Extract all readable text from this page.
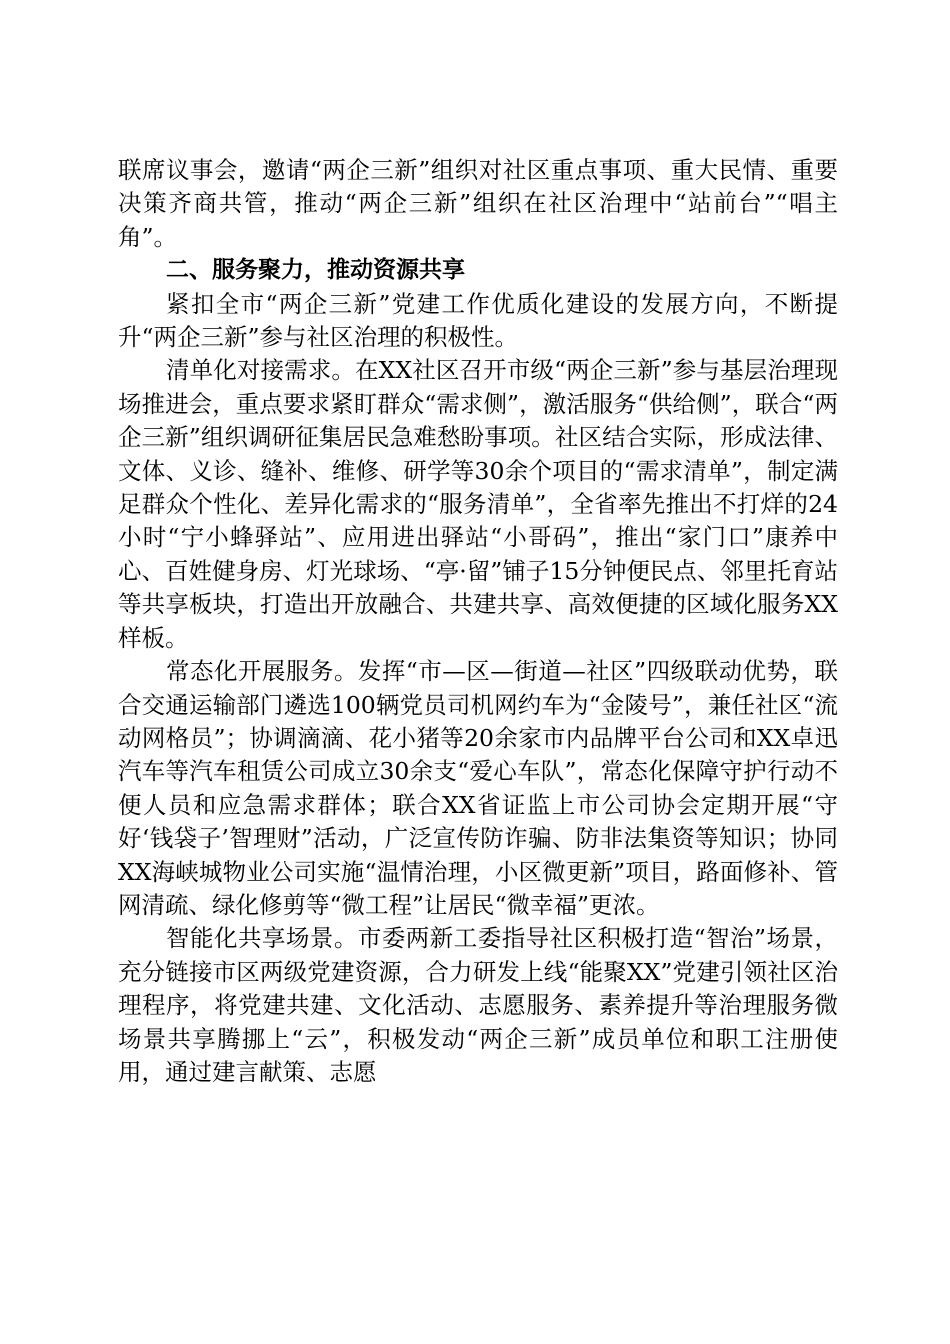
联席议事会，邀请“两企三新”组织对社区重点事项、重大民情、重要决策齐商共管，推动“两企三新”组织在社区治理中“站前台”“唱主角”。

二、服务聚力，推动资源共享

紧扣全市“两企三新”党建工作优质化建设的发展方向，不断提升“两企三新”参与社区治理的积极性。

清单化对接需求。在XX社区召开市级“两企三新”参与基层治理现场推进会，重点要求紧盯群众“需求侧”，激活服务“供给侧”，联合“两企三新”组织调研征集居民急难愁盼事项。社区结合实际，形成法律、文体、义诊、缝补、维修、研学等30余个项目的“需求清单”，制定满足群众个性化、差异化需求的“服务清单”，全省率先推出不打烊的24小时“宁小蜂驿站”、应用进出驿站“小哥码”，推出“家门口”康养中心、百姓健身房、灯光球场、“亭·留”铺子15分钟便民点、邻里托育站等共享板块，打造出开放融合、共建共享、高效便捷的区域化服务XX样板。

常态化开展服务。发挥“市—区—街道—社区”四级联动优势，联合交通运输部门遴选100辆党员司机网约车为“金陵号”，兼任社区“流动网格员”；协调滴滴、花小猪等20余家市内品牌平台公司和XX卓迅汽车等汽车租赁公司成立30余支“爱心车队”，常态化保障守护行动不便人员和应急需求群体；联合XX省证监上市公司协会定期开展“守好‘钱袋子’智理财”活动，广泛宣传防诈骗、防非法集资等知识；协同XX海峡城物业公司实施“温情治理，小区微更新”项目，路面修补、管网清疏、绿化修剪等“微工程”让居民“微幸福”更浓。

智能化共享场景。市委两新工委指导社区积极打造“智治”场景，充分链接市区两级党建资源，合力研发上线“能聚XX”党建引领社区治理程序，将党建共建、文化活动、志愿服务、素养提升等治理服务微场景共享腾挪上“云”，积极发动“两企三新”成员单位和职工注册使用，通过建言献策、志愿
